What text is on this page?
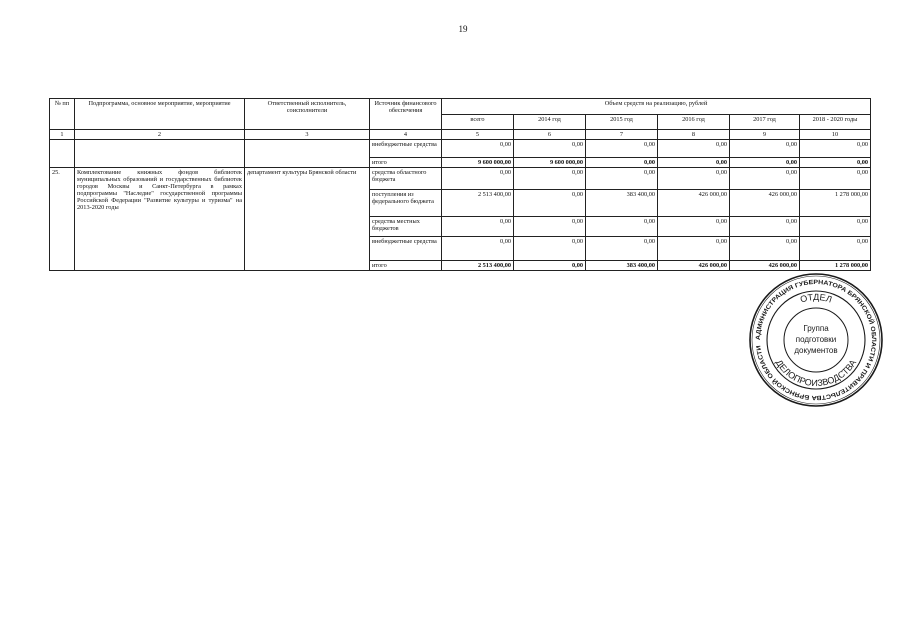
19
№ пп	Подпрограмма, основное мероприятие, мероприятие	Ответственный исполнитель, соисполнители	Источник финансового обеспечения	Объем средств на реализацию, рублей					
				всего	2014 год	2015 год	2016 год	2017 год	2018 - 2020 годы
1	2	3	4	5	6	7	8	9	10
			внебюджетные средства	0,00	0,00	0,00	0,00	0,00	0,00
			итого	9 600 000,00	9 600 000,00	0,00	0,00	0,00	0,00
25.	Комплектование книжных фондов библиотек муниципальных образований и государственных библиотек городов Москвы и Санкт-Петербурга в рамках подпрограммы "Наследие" государственной программы Российской Федерации "Развитие культуры и туризма" на 2013-2020 годы	департамент культуры Брянской области	средства областного бюджета	0,00	0,00	0,00	0,00	0,00	0,00
			поступления из федерального бюджета	2 513 400,00	0,00	383 400,00	426 000,00	426 000,00	1 278 000,00
			средства местных бюджетов	0,00	0,00	0,00	0,00	0,00	0,00
			внебюджетные средства	0,00	0,00	0,00	0,00	0,00	0,00
			итого	2 513 400,00	0,00	383 400,00	426 000,00	426 000,00	1 278 000,00
АДМИНИСТРАЦИЯ ГУБЕРНАТОРА БРЯНСКОЙ ОБЛАСТИ И ПРАВИТЕЛЬСТВА БРЯНСКОЙ ОБЛАСТИ
ОТДЕЛ
ДЕЛОПРОИЗВОДСТВА
Группа
подготовки
документов
